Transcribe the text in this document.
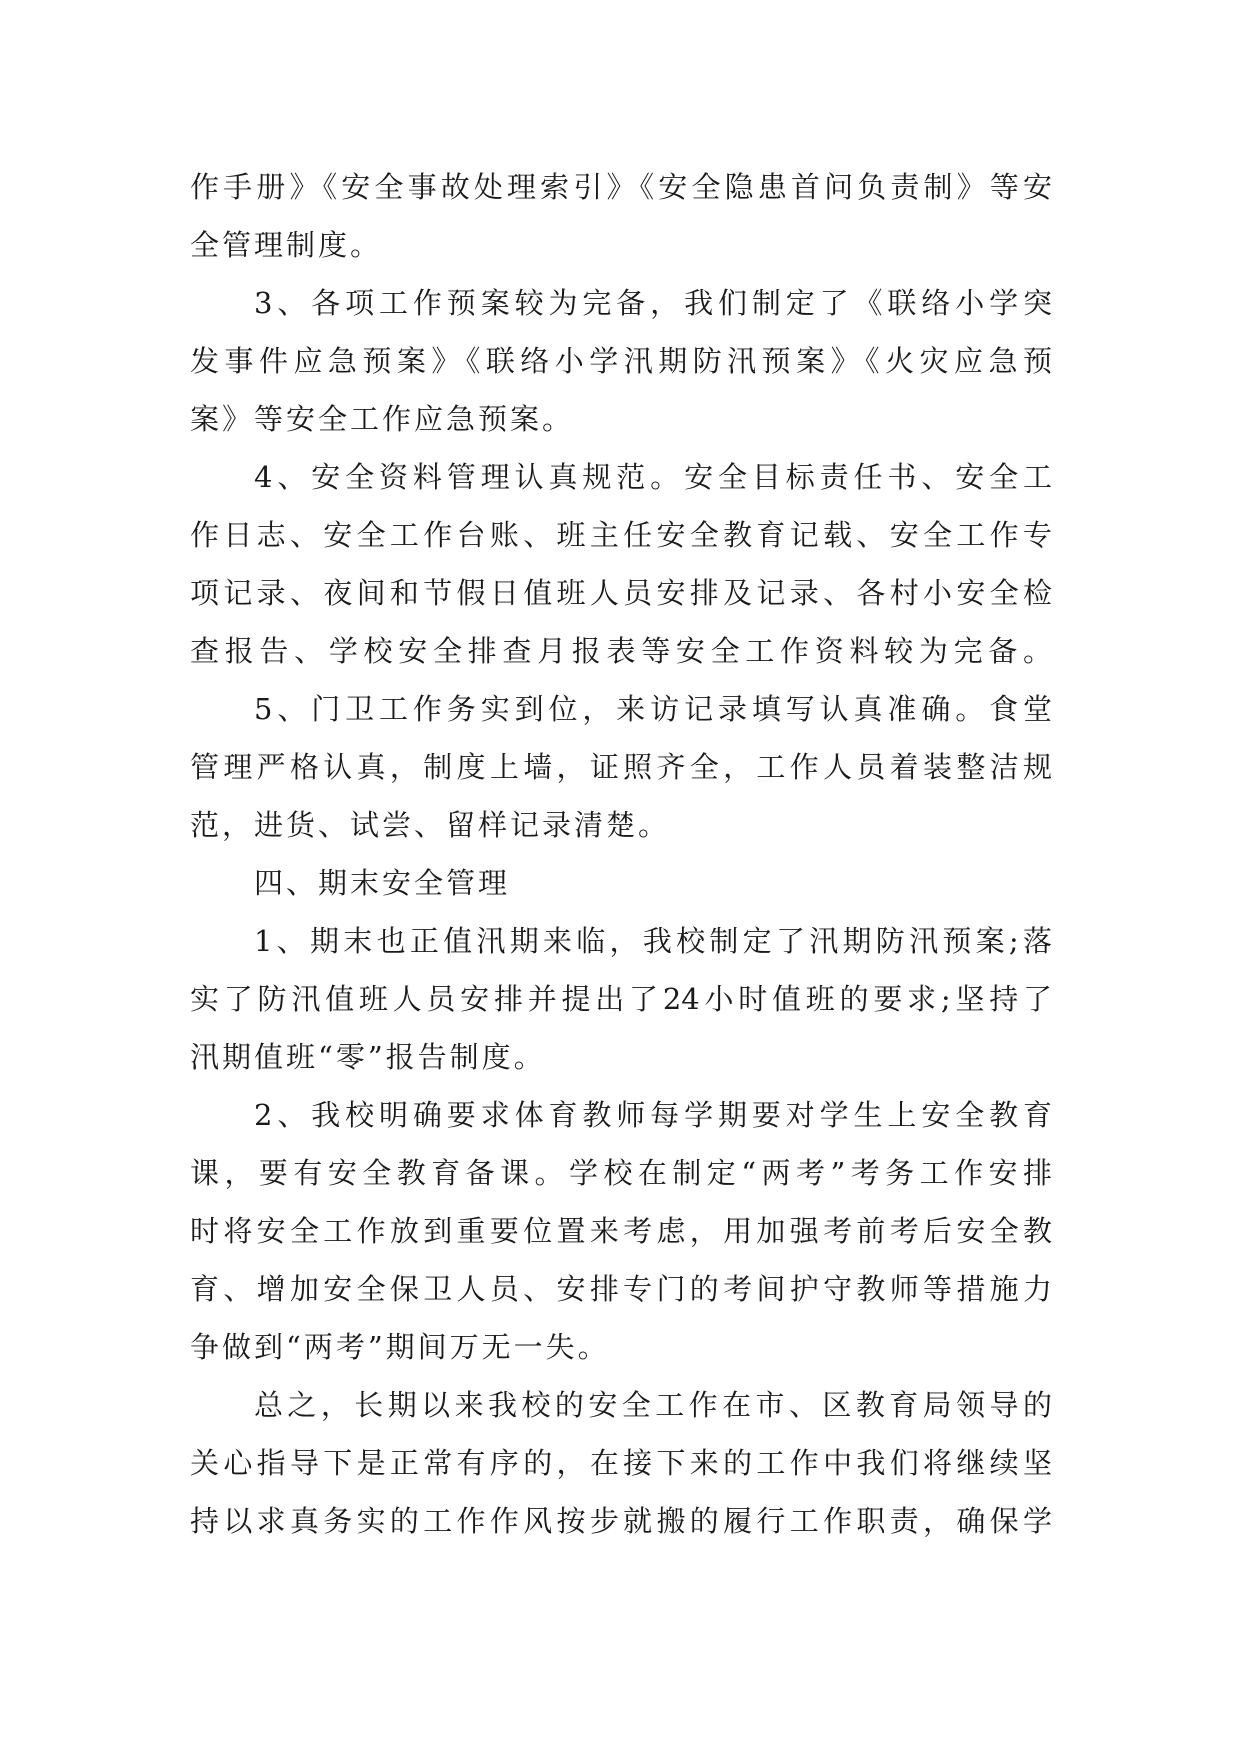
作手册》《安全事故处理索引》《安全隐患首问负责制》等安
全管理制度。
3、各项工作预案较为完备，我们制定了《联络小学突
发事件应急预案》《联络小学汛期防汛预案》《火灾应急预
案》等安全工作应急预案。
4、安全资料管理认真规范。安全目标责任书、安全工
作日志、安全工作台账、班主任安全教育记载、安全工作专
项记录、夜间和节假日值班人员安排及记录、各村小安全检
查报告、学校安全排查月报表等安全工作资料较为完备。
5、门卫工作务实到位，来访记录填写认真准确。食堂
管理严格认真，制度上墙，证照齐全，工作人员着装整洁规
范，进货、试尝、留样记录清楚。
四、期末安全管理
1、期末也正值汛期来临，我校制定了汛期防汛预案;落
实了防汛值班人员安排并提出了24小时值班的要求;坚持了
汛期值班“零”报告制度。
2、我校明确要求体育教师每学期要对学生上安全教育
课，要有安全教育备课。学校在制定“两考”考务工作安排
时将安全工作放到重要位置来考虑，用加强考前考后安全教
育、增加安全保卫人员、安排专门的考间护守教师等措施力
争做到“两考”期间万无一失。
总之，长期以来我校的安全工作在市、区教育局领导的
关心指导下是正常有序的，在接下来的工作中我们将继续坚
持以求真务实的工作作风按步就搬的履行工作职责，确保学
